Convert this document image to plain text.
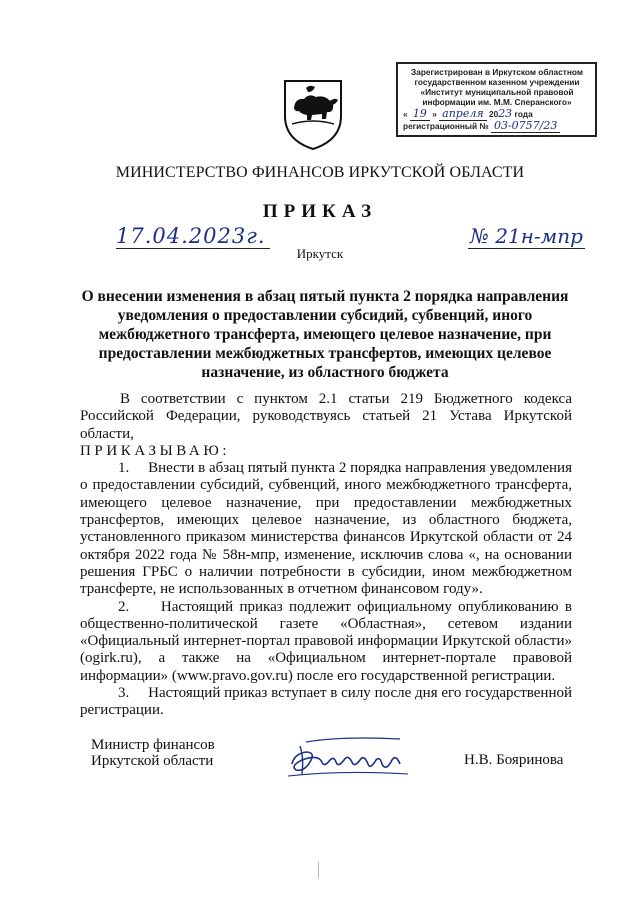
Зарегистрирован в Иркутском областном
государственном казенном учреждении
«Институт муниципальной правовой
информации им. М.М. Сперанского»
« 19 » апреля 2023 года
регистрационный № 03-0757/23
МИНИСТЕРСТВО ФИНАНСОВ ИРКУТСКОЙ ОБЛАСТИ
ПРИКАЗ
17.04.2023г.	№ 21н-мпр
Иркутск
О внесении изменения в абзац пятый пункта 2 порядка направления уведомления о предоставлении субсидий, субвенций, иного межбюджетного трансферта, имеющего целевое назначение, при предоставлении межбюджетных трансфертов, имеющих целевое назначение, из областного бюджета

В соответствии с пунктом 2.1 статьи 219 Бюджетного кодекса Российской Федерации, руководствуясь статьей 21 Устава Иркутской области,

ПРИКАЗЫВАЮ:

1.     Внести в абзац пятый пункта 2 порядка направления уведомления о предоставлении субсидий, субвенций, иного межбюджетного трансферта, имеющего целевое назначение, при предоставлении межбюджетных трансфертов, имеющих целевое назначение, из областного бюджета, установленного приказом министерства финансов Иркутской области от 24 октября 2022 года № 58н-мпр, изменение, исключив слова «, на основании решения ГРБС о наличии потребности в субсидии, ином межбюджетном трансферте, не использованных в отчетном финансовом году».

2.     Настоящий приказ подлежит официальному опубликованию в общественно-политической газете «Областная», сетевом издании «Официальный интернет-портал правовой информации Иркутской области» (ogirk.ru), а также на «Официальном интернет-портале правовой информации» (www.pravo.gov.ru) после его государственной регистрации.

3.     Настоящий приказ вступает в силу после дня его государственной регистрации.

Министр финансов
Иркутской области	Н.В. Бояринова
